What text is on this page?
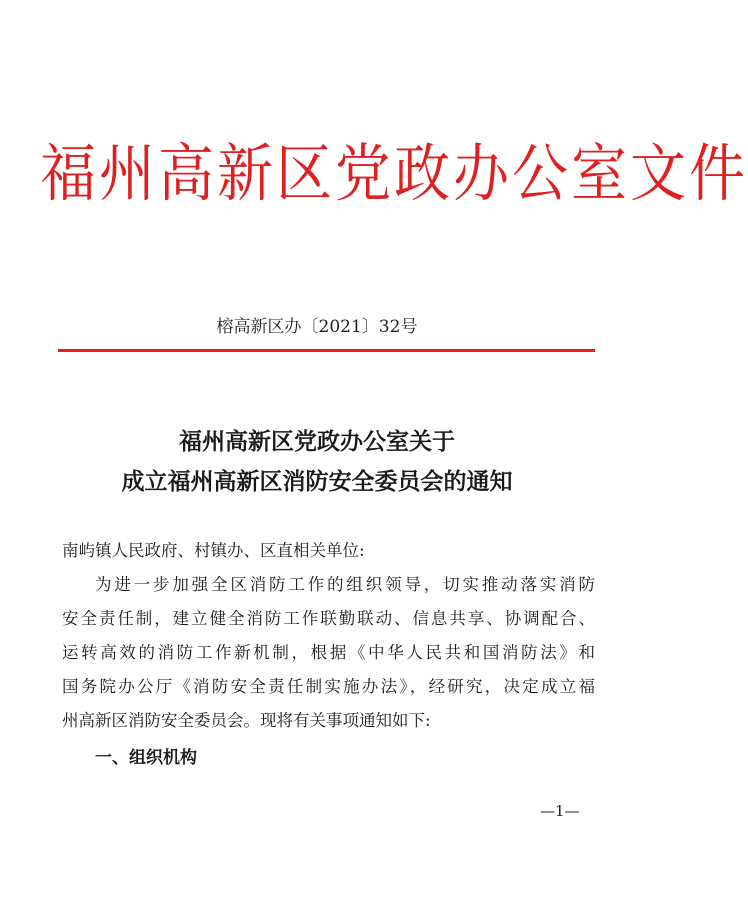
福州高新区党政办公室文件
榕高新区办〔2021〕32号
福州高新区党政办公室关于
成立福州高新区消防安全委员会的通知
南屿镇人民政府、村镇办、区直相关单位:
为进一步加强全区消防工作的组织领导，切实推动落实消防
安全责任制，建立健全消防工作联勤联动、信息共享、协调配合、
运转高效的消防工作新机制，根据《中华人民共和国消防法》和
国务院办公厅《消防安全责任制实施办法》，经研究，决定成立福
州高新区消防安全委员会。现将有关事项通知如下:
一、组织机构
—1—
